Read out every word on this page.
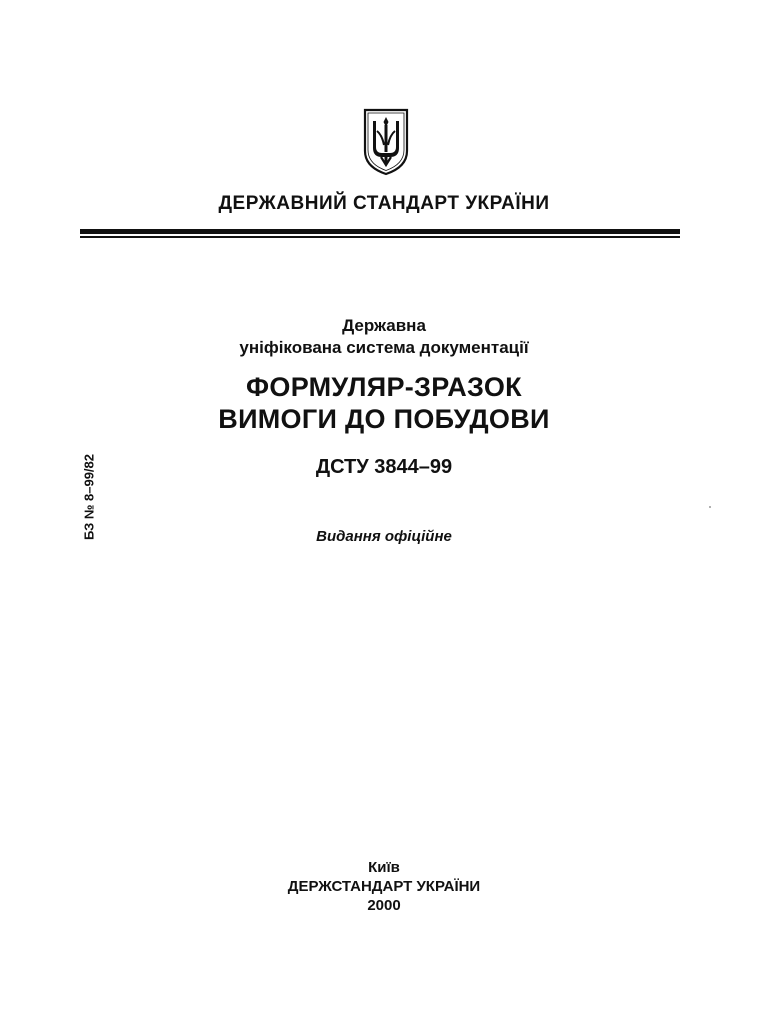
ДЕРЖАВНИЙ СТАНДАРТ УКРАЇНИ
Державна
уніфікована система документації
ФОРМУЛЯР-ЗРАЗОК
ВИМОГИ ДО ПОБУДОВИ
ДСТУ 3844–99
Видання офіційне
БЗ № 8–99/82
Київ
ДЕРЖСТАНДАРТ УКРАЇНИ
2000
